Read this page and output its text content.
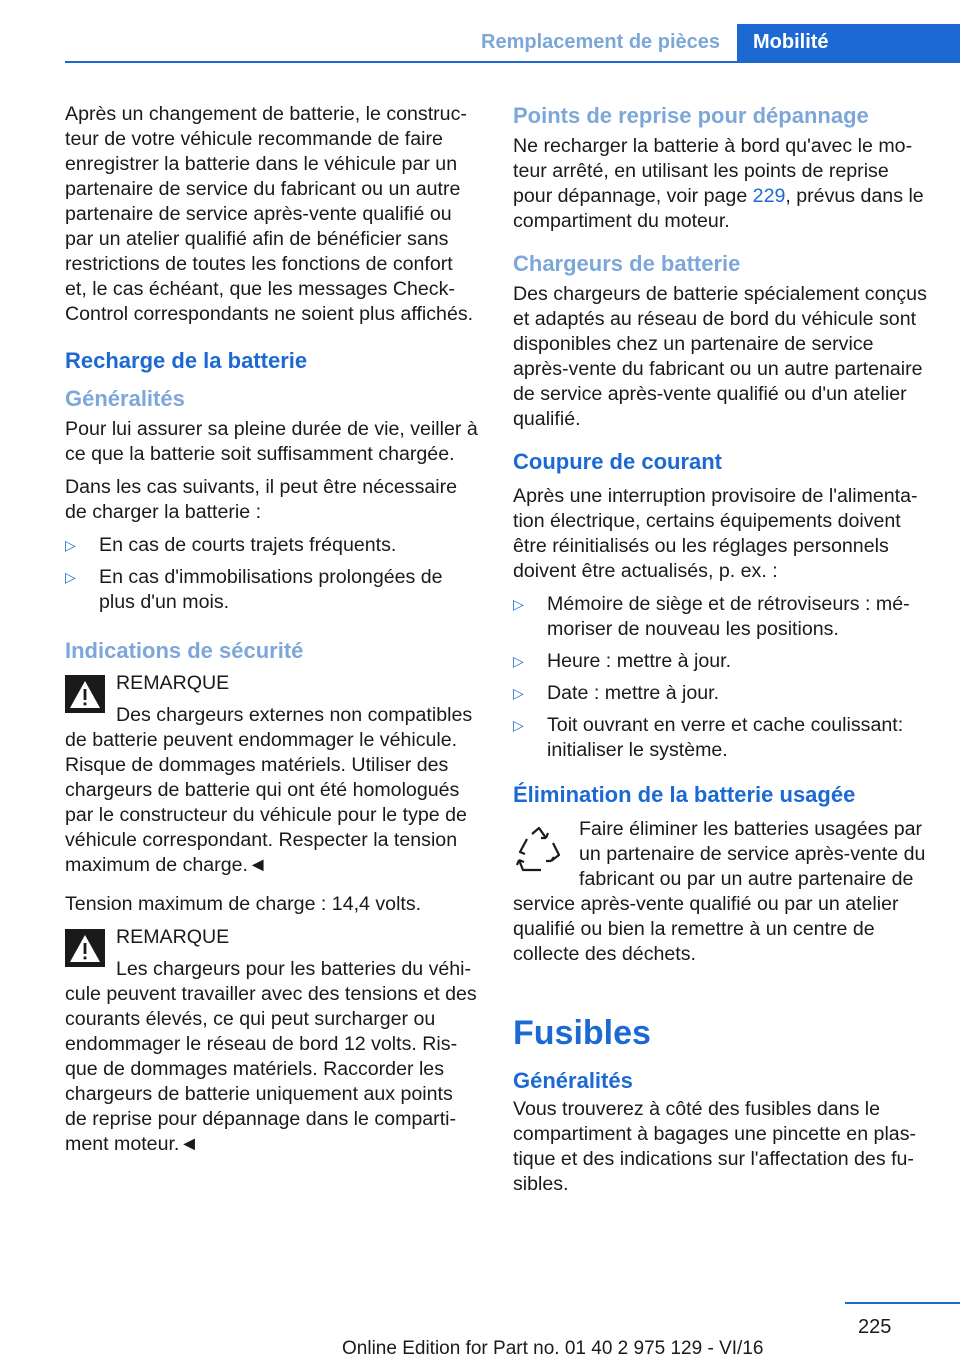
Remplacement de pièces	Mobilité

Après un changement de batterie, le constructeur de votre véhicule recommande de faire enregistrer la batterie dans le véhicule par un partenaire de service du fabricant ou un autre partenaire de service après-vente qualifié ou par un atelier qualifié afin de bénéficier sans restrictions de toutes les fonctions de confort et, le cas échéant, que les messages Check-Control correspondants ne soient plus affichés.

Recharge de la batterie
Généralités

Pour lui assurer sa pleine durée de vie, veiller à ce que la batterie soit suffisamment chargée.

Dans les cas suivants, il peut être nécessaire de charger la batterie :

▷ En cas de courts trajets fréquents.
▷ En cas d'immobilisations prolongées de plus d'un mois.
Indications de sécurité
REMARQUE
Des chargeurs externes non compatibles de batterie peuvent endommager le véhicule. Risque de dommages matériels. Utiliser des chargeurs de batterie qui ont été homologués par le constructeur du véhicule pour le type de véhicule correspondant. Respecter la tension maximum de charge.◄

Tension maximum de charge : 14,4 volts.

REMARQUE
Les chargeurs pour les batteries du véhicule peuvent travailler avec des tensions et des courants élevés, ce qui peut surcharger ou endommager le réseau de bord 12 volts. Risque de dommages matériels. Raccorder les chargeurs de batterie uniquement aux points de reprise pour dépannage dans le compartiment moteur.◄
Points de reprise pour dépannage

Ne recharger la batterie à bord qu'avec le moteur arrêté, en utilisant les points de reprise pour dépannage, voir page 229, prévus dans le compartiment du moteur.

Chargeurs de batterie

Des chargeurs de batterie spécialement conçus et adaptés au réseau de bord du véhicule sont disponibles chez un partenaire de service après-vente du fabricant ou un autre partenaire de service après-vente qualifié ou d'un atelier qualifié.

Coupure de courant

Après une interruption provisoire de l'alimentation électrique, certains équipements doivent être réinitialisés ou les réglages personnels doivent être actualisés, p. ex. :

▷ Mémoire de siège et de rétroviseurs : mémoriser de nouveau les positions.
▷ Heure : mettre à jour.
▷ Date : mettre à jour.
▷ Toit ouvrant en verre et cache coulissant: initialiser le système.
Élimination de la batterie usagée
Faire éliminer les batteries usagées par un partenaire de service après-vente du fabricant ou par un autre partenaire de service après-vente qualifié ou par un atelier qualifié ou bien la remettre à un centre de collecte des déchets.
Fusibles
Généralités

Vous trouverez à côté des fusibles dans le compartiment à bagages une pincette en plastique et des indications sur l'affectation des fusibles.

225
Online Edition for Part no. 01 40 2 975 129 - VI/16
